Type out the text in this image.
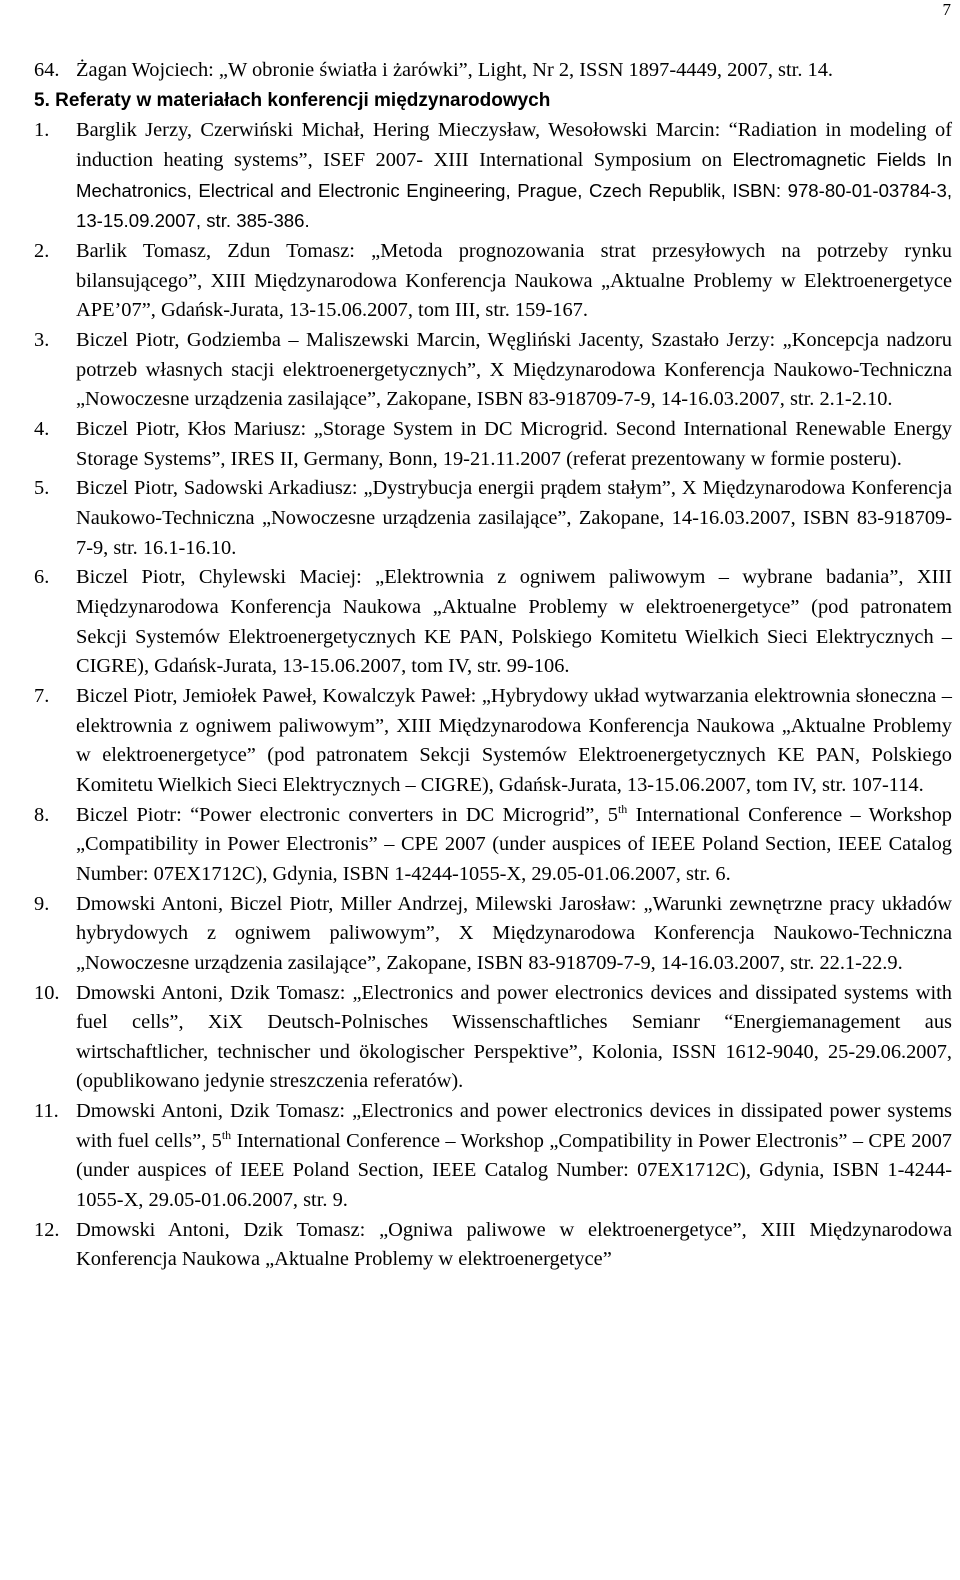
7

64. Żagan Wojciech: „W obronie światła i żarówki”, Light, Nr 2, ISSN 1897-4449, 2007, str. 14.

5. Referaty w materiałach konferencji międzynarodowych

1. Barglik Jerzy, Czerwiński Michał, Hering Mieczysław, Wesołowski Marcin: “Radiation in modeling of induction heating systems”, ISEF 2007- XIII International Symposium on Electromagnetic Fields In Mechatronics, Electrical and Electronic Engineering, Prague, Czech Republik, ISBN: 978-80-01-03784-3, 13-15.09.2007, str. 385-386.

2. Barlik Tomasz, Zdun Tomasz: „Metoda prognozowania strat przesyłowych na potrzeby rynku bilansującego”, XIII Międzynarodowa Konferencja Naukowa „Aktualne Problemy w Elektroenergetyce APE’07”, Gdańsk-Jurata, 13-15.06.2007, tom III, str. 159-167.

3. Biczel Piotr, Godziemba – Maliszewski Marcin, Węgliński Jacenty, Szastało Jerzy: „Koncepcja nadzoru potrzeb własnych stacji elektroenergetycznych”, X Międzynarodowa Konferencja Naukowo-Techniczna „Nowoczesne urządzenia zasilające”, Zakopane, ISBN 83-918709-7-9, 14-16.03.2007, str. 2.1-2.10.

4. Biczel Piotr, Kłos Mariusz: „Storage System in DC Microgrid. Second International Renewable Energy Storage Systems”, IRES II, Germany, Bonn, 19-21.11.2007 (referat prezentowany w formie posteru).

5. Biczel Piotr, Sadowski Arkadiusz: „Dystrybucja energii prądem stałym”, X Międzynarodowa Konferencja Naukowo-Techniczna „Nowoczesne urządzenia zasilające”, Zakopane, 14-16.03.2007, ISBN 83-918709-7-9, str. 16.1-16.10.

6. Biczel Piotr, Chylewski Maciej: „Elektrownia z ogniwem paliwowym – wybrane badania”, XIII Międzynarodowa Konferencja Naukowa „Aktualne Problemy w elektroenergetyce” (pod patronatem Sekcji Systemów Elektroenergetycznych KE PAN, Polskiego Komitetu Wielkich Sieci Elektrycznych – CIGRE), Gdańsk-Jurata, 13-15.06.2007, tom IV, str. 99-106.

7. Biczel Piotr, Jemiołek Paweł, Kowalczyk Paweł: „Hybrydowy układ wytwarzania elektrownia słoneczna – elektrownia z ogniwem paliwowym”, XIII Międzynarodowa Konferencja Naukowa „Aktualne Problemy w elektroenergetyce” (pod patronatem Sekcji Systemów Elektroenergetycznych KE PAN, Polskiego Komitetu Wielkich Sieci Elektrycznych – CIGRE), Gdańsk-Jurata, 13-15.06.2007, tom IV, str. 107-114.

8. Biczel Piotr: “Power electronic converters in DC Microgrid”, 5th International Conference – Workshop „Compatibility in Power Electronis” – CPE 2007 (under auspices of IEEE Poland Section, IEEE Catalog Number: 07EX1712C), Gdynia, ISBN 1-4244-1055-X, 29.05-01.06.2007, str. 6.

9. Dmowski Antoni, Biczel Piotr, Miller Andrzej, Milewski Jarosław: „Warunki zewnętrzne pracy układów hybrydowych z ogniwem paliwowym”, X Międzynarodowa Konferencja Naukowo-Techniczna „Nowoczesne urządzenia zasilające”, Zakopane, ISBN 83-918709-7-9, 14-16.03.2007, str. 22.1-22.9.

10. Dmowski Antoni, Dzik Tomasz: „Electronics and power electronics devices and dissipated systems with fuel cells”, XiX Deutsch-Polnisches Wissenschaftliches Semianr “Energiemanagement aus wirtschaftlicher, technischer und ökologischer Perspektive”, Kolonia, ISSN 1612-9040, 25-29.06.2007, (opublikowano jedynie streszczenia referatów).

11. Dmowski Antoni, Dzik Tomasz: „Electronics and power electronics devices in dissipated power systems with fuel cells”, 5th International Conference – Workshop „Compatibility in Power Electronis” – CPE 2007 (under auspices of IEEE Poland Section, IEEE Catalog Number: 07EX1712C), Gdynia, ISBN 1-4244-1055-X, 29.05-01.06.2007, str. 9.

12. Dmowski Antoni, Dzik Tomasz: „Ogniwa paliwowe w elektroenergetyce”, XIII Międzynarodowa Konferencja Naukowa „Aktualne Problemy w elektroenergetyce”
